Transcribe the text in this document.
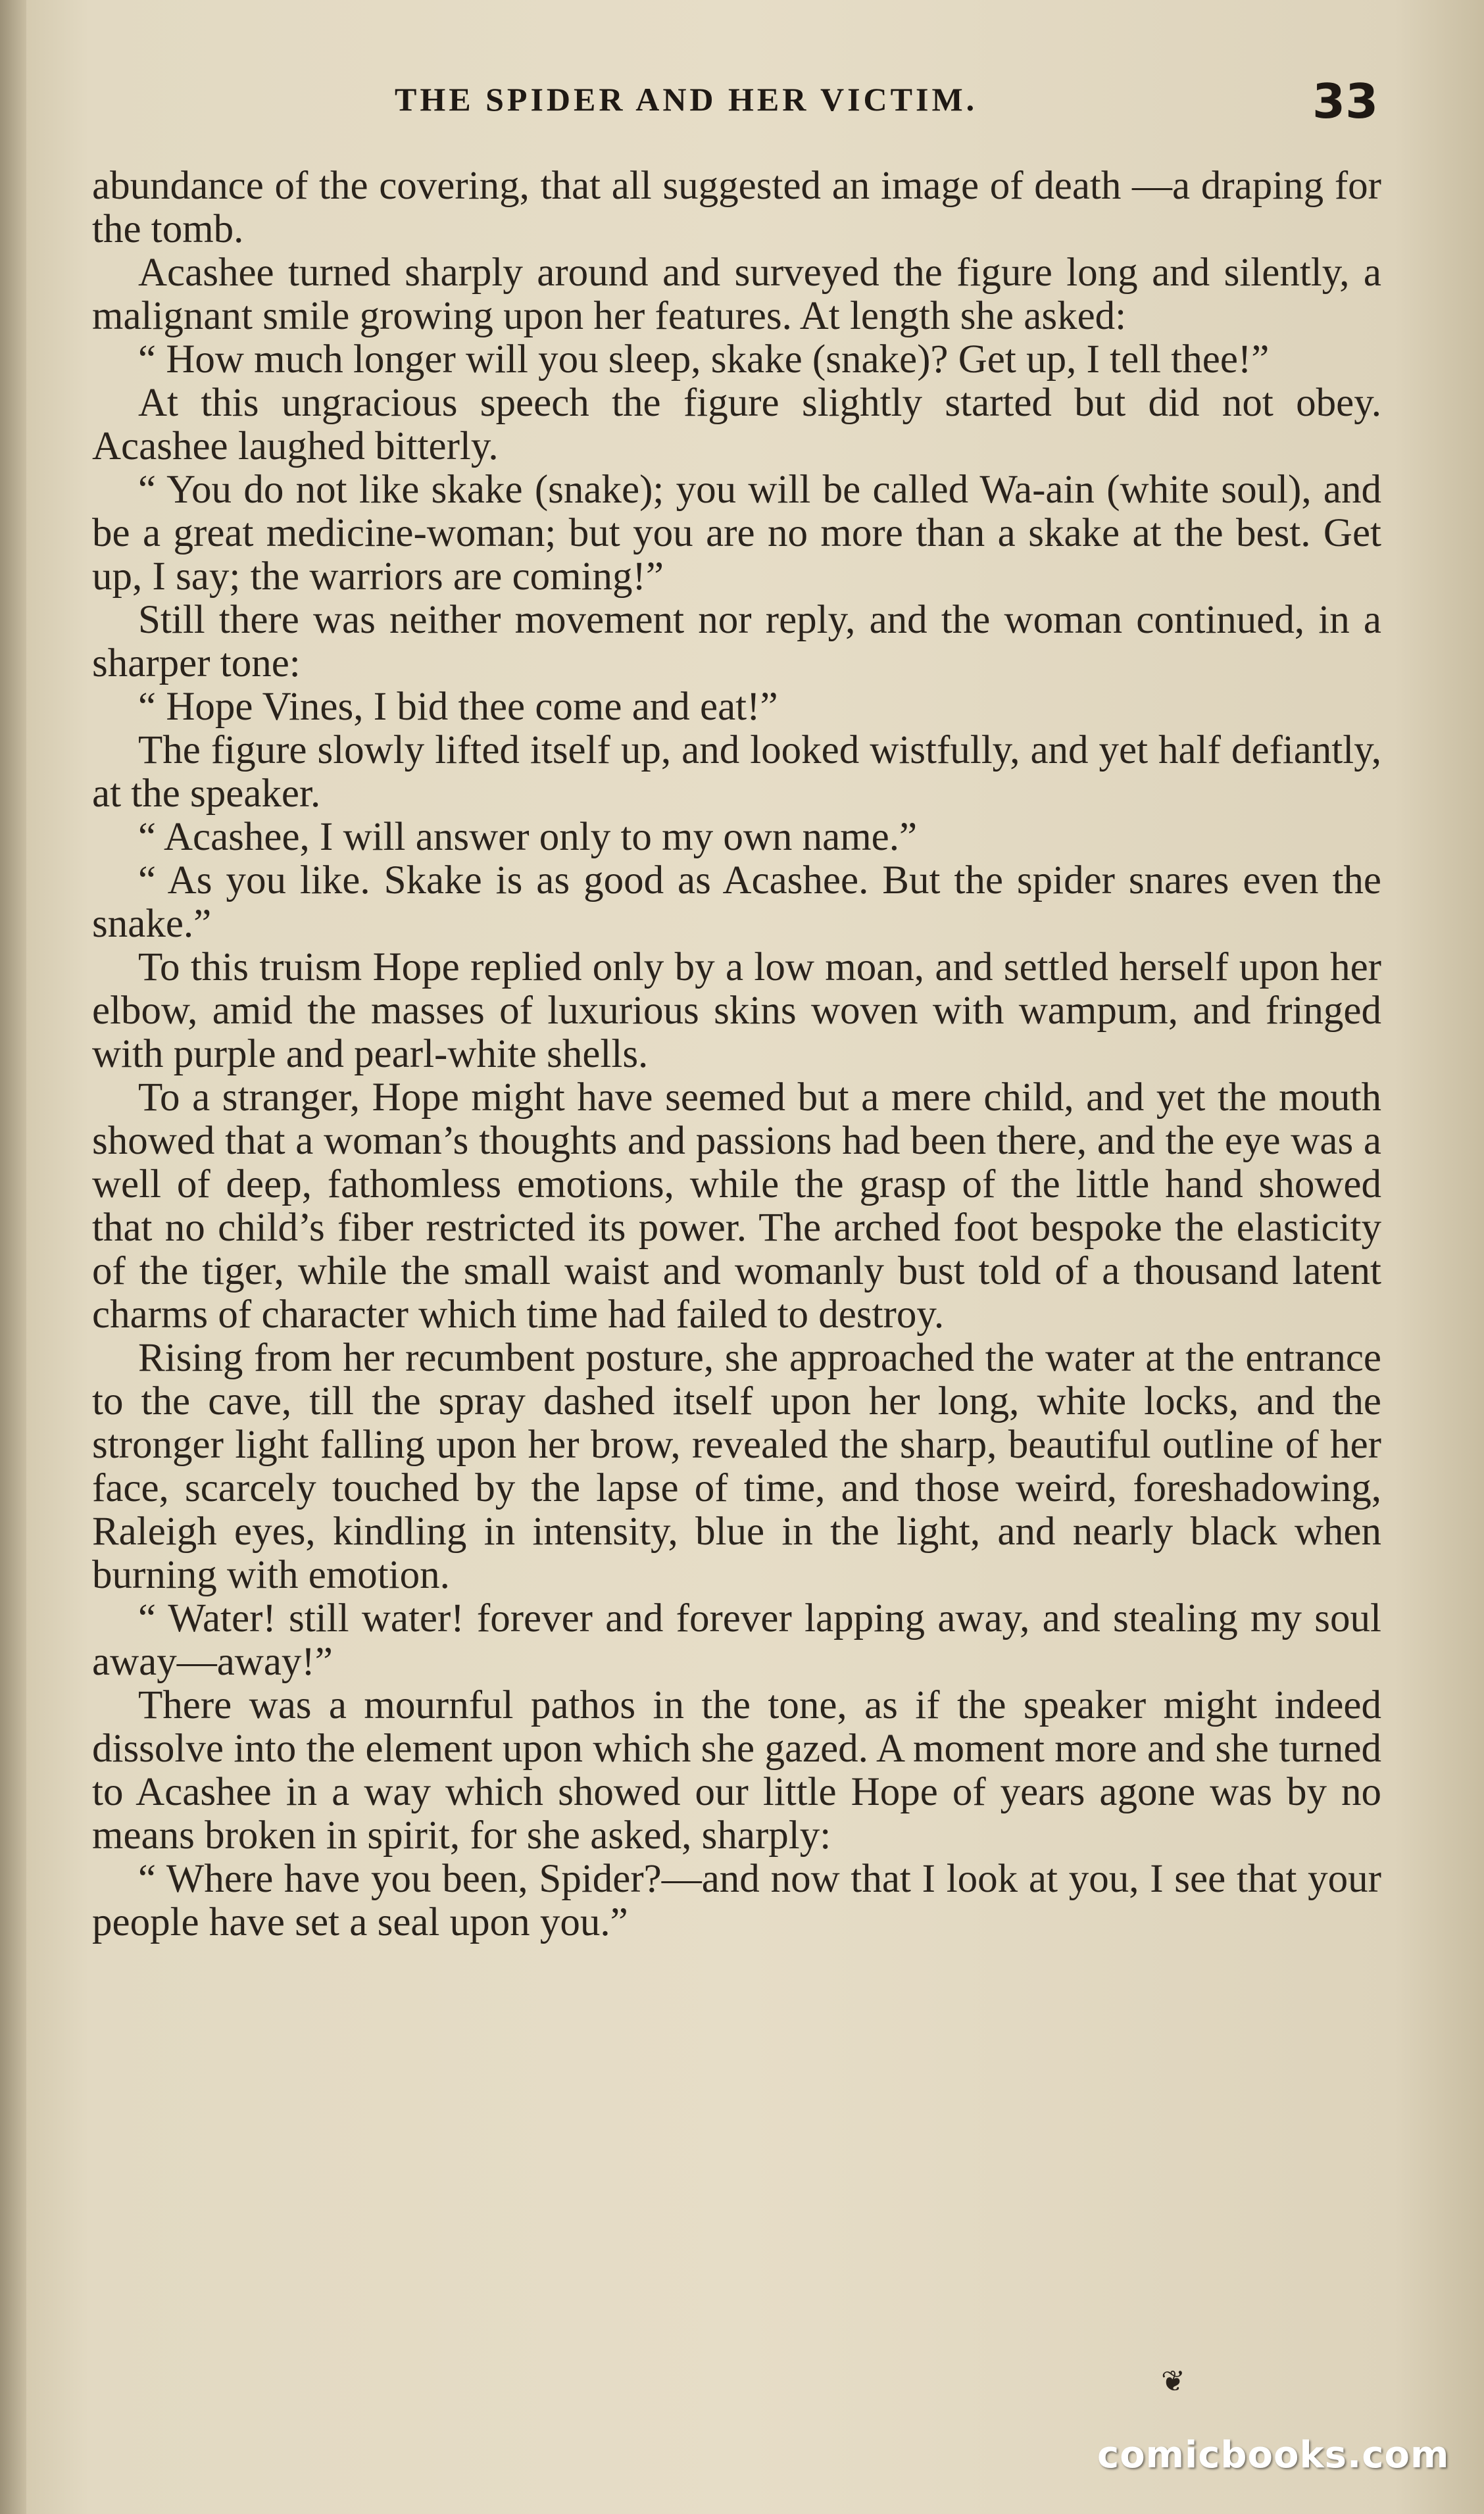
THE SPIDER AND HER VICTIM.	33

abundance of the covering, that all suggested an image of death —a draping for the tomb.

Acashee turned sharply around and surveyed the figure long and silently, a malignant smile growing upon her features. At length she asked:

“ How much longer will you sleep, skake (snake)? Get up, I tell thee!”

At this ungracious speech the figure slightly started but did not obey. Acashee laughed bitterly.

“ You do not like skake (snake); you will be called Wa-ain (white soul), and be a great medicine-woman; but you are no more than a skake at the best. Get up, I say; the warriors are coming!”

Still there was neither movement nor reply, and the woman continued, in a sharper tone:

“ Hope Vines, I bid thee come and eat!”

The figure slowly lifted itself up, and looked wistfully, and yet half defiantly, at the speaker.

“ Acashee, I will answer only to my own name.”

“ As you like. Skake is as good as Acashee. But the spider snares even the snake.”

To this truism Hope replied only by a low moan, and settled herself upon her elbow, amid the masses of luxurious skins woven with wampum, and fringed with purple and pearl-white shells.

To a stranger, Hope might have seemed but a mere child, and yet the mouth showed that a woman’s thoughts and passions had been there, and the eye was a well of deep, fathomless emotions, while the grasp of the little hand showed that no child’s fiber restricted its power. The arched foot bespoke the elasticity of the tiger, while the small waist and womanly bust told of a thousand latent charms of character which time had failed to destroy.

Rising from her recumbent posture, she approached the water at the entrance to the cave, till the spray dashed itself upon her long, white locks, and the stronger light falling upon her brow, revealed the sharp, beautiful outline of her face, scarcely touched by the lapse of time, and those weird, foreshadowing, Raleigh eyes, kindling in intensity, blue in the light, and nearly black when burning with emotion.

“ Water! still water! forever and forever lapping away, and stealing my soul away—away!”

There was a mournful pathos in the tone, as if the speaker might indeed dissolve into the element upon which she gazed. A moment more and she turned to Acashee in a way which showed our little Hope of years agone was by no means broken in spirit, for she asked, sharply:

“ Where have you been, Spider?—and now that I look at you, I see that your people have set a seal upon you.”

❦
comicbooks.com
